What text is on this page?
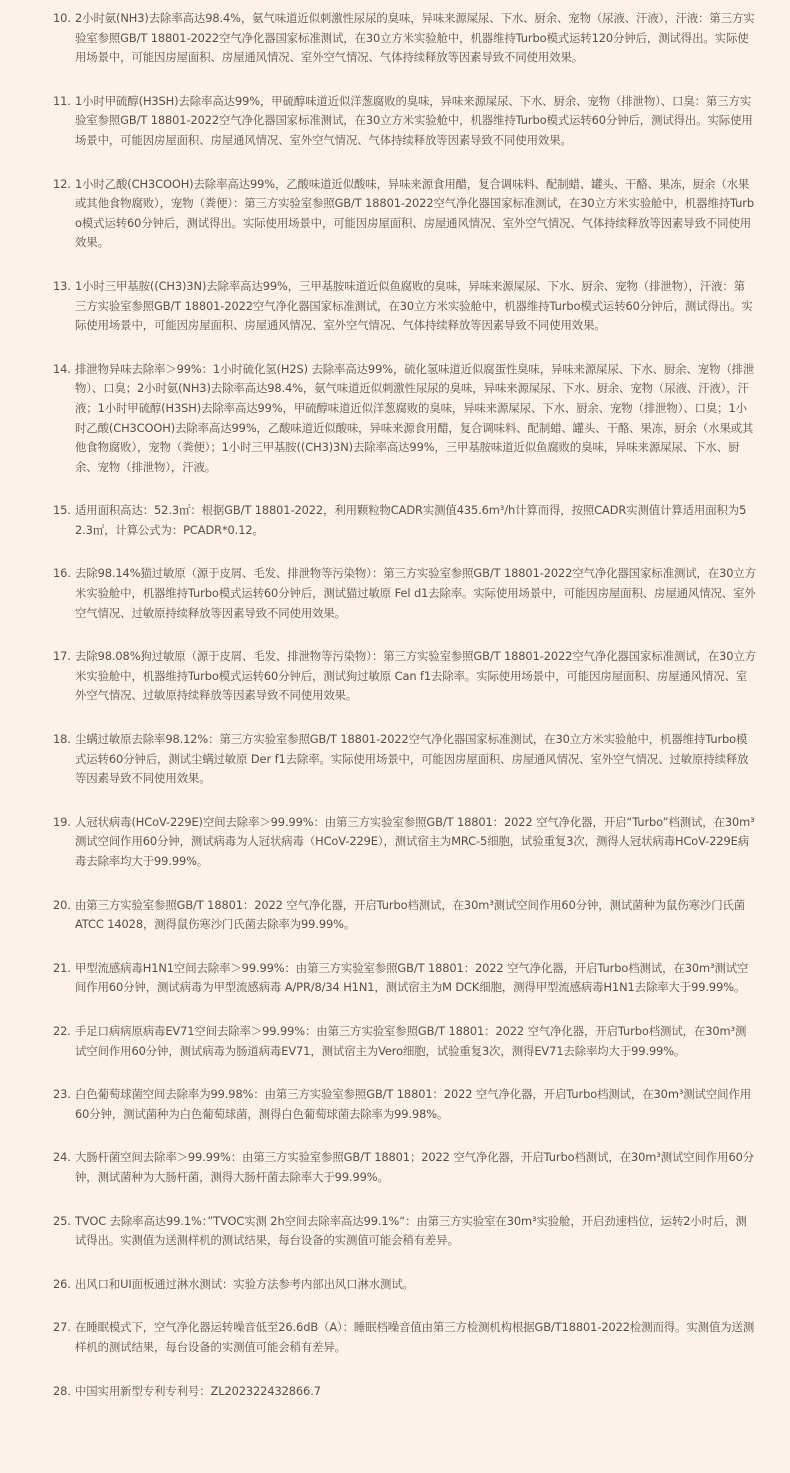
10. 2小时氨(NH3)去除率高达98.4%，氨气味道近似刺激性尿尿的臭味，异味来源屎尿、下水、厨余、宠物（尿液、汗液），汗液：第三方实验室参照GB/T 18801-2022空气净化器国家标准测试，在30立方米实验舱中，机器维持Turbo模式运转120分钟后，测试得出。实际使用场景中，可能因房屋面积、房屋通风情况、室外空气情况、气体持续释放等因素导致不同使用效果。
11. 1小时甲硫醇(H3SH)去除率高达99%，甲硫醇味道近似洋葱腐败的臭味，异味来源屎尿、下水、厨余、宠物（排泄物）、口臭：第三方实验室参照GB/T 18801-2022空气净化器国家标准测试，在30立方米实验舱中，机器维持Turbo模式运转60分钟后，测试得出。实际使用场景中，可能因房屋面积、房屋通风情况、室外空气情况、气体持续释放等因素导致不同使用效果。
12. 1小时乙酸(CH3COOH)去除率高达99%，乙酸味道近似酸味，异味来源食用醋，复合调味料、配制蜡、罐头、干酪、果冻，厨余（水果或其他食物腐败），宠物（粪便）：第三方实验室参照GB/T 18801-2022空气净化器国家标准测试，在30立方米实验舱中，机器维持Turbo模式运转60分钟后，测试得出。实际使用场景中，可能因房屋面积、房屋通风情况、室外空气情况、气体持续释放等因素导致不同使用效果。
13. 1小时三甲基胺((CH3)3N)去除率高达99%，三甲基胺味道近似鱼腐败的臭味，异味来源屎尿、下水、厨余、宠物（排泄物），汗液：第三方实验室参照GB/T 18801-2022空气净化器国家标准测试，在30立方米实验舱中，机器维持Turbo模式运转60分钟后，测试得出。实际使用场景中，可能因房屋面积、房屋通风情况、室外空气情况、气体持续释放等因素导致不同使用效果。
14. 排泄物异味去除率＞99%：1小时硫化氢(H2S) 去除率高达99%，硫化氢味道近似腐蛋性臭味，异味来源屎尿、下水、厨余、宠物（排泄物）、口臭；2小时氨(NH3)去除率高达98.4%，氨气味道近似刺激性尿尿的臭味，异味来源屎尿、下水、厨余、宠物（尿液、汗液），汗液；1小时甲硫醇(H3SH)去除率高达99%，甲硫醇味道近似洋葱腐败的臭味，异味来源屎尿、下水、厨余、宠物（排泄物）、口臭；1小时乙酸(CH3COOH)去除率高达99%，乙酸味道近似酸味，异味来源食用醋，复合调味料、配制蜡、罐头、干酪、果冻，厨余（水果或其他食物腐败），宠物（粪便）；1小时三甲基胺((CH3)3N)去除率高达99%，三甲基胺味道近似鱼腐败的臭味，异味来源屎尿、下水、厨余、宠物（排泄物），汗液。
15. 适用面积高达：52.3㎡：根据GB/T 18801-2022，利用颗粒物CADR实测值435.6m³/h计算而得，按照CADR实测值计算适用面积为52.3㎡，计算公式为：PCADR*0.12。
16. 去除98.14%猫过敏原（源于皮屑、毛发、排泄物等污染物）：第三方实验室参照GB/T 18801-2022空气净化器国家标准测试，在30立方米实验舱中，机器维持Turbo模式运转60分钟后，测试猫过敏原 Fel d1去除率。实际使用场景中，可能因房屋面积、房屋通风情况、室外空气情况、过敏原持续释放等因素导致不同使用效果。
17. 去除98.08%狗过敏原（源于皮屑、毛发、排泄物等污染物）：第三方实验室参照GB/T 18801-2022空气净化器国家标准测试，在30立方米实验舱中，机器维持Turbo模式运转60分钟后，测试狗过敏原 Can f1去除率。实际使用场景中，可能因房屋面积、房屋通风情况、室外空气情况、过敏原持续释放等因素导致不同使用效果。
18. 尘螨过敏原去除率98.12%：第三方实验室参照GB/T 18801-2022空气净化器国家标准测试，在30立方米实验舱中，机器维持Turbo模式运转60分钟后，测试尘螨过敏原 Der f1去除率。实际使用场景中，可能因房屋面积、房屋通风情况、室外空气情况、过敏原持续释放等因素导致不同使用效果。
19. 人冠状病毒(HCoV-229E)空间去除率＞99.99%：由第三方实验室参照GB/T 18801：2022 空气净化器，开启“Turbo”档测试，在30m³测试空间作用60分钟，测试病毒为人冠状病毒（HCoV-229E），测试宿主为MRC-5细胞，试验重复3次，测得人冠状病毒HCoV-229E病毒去除率均大于99.99%。
20. 由第三方实验室参照GB/T 18801：2022 空气净化器，开启Turbo档测试，在30m³测试空间作用60分钟，测试菌种为鼠伤寒沙门氏菌 ATCC 14028，测得鼠伤寒沙门氏菌去除率为99.99%。
21. 甲型流感病毒H1N1空间去除率＞99.99%：由第三方实验室参照GB/T 18801：2022 空气净化器，开启Turbo档测试，在30m³测试空间作用60分钟，测试病毒为甲型流感病毒 A/PR/8/34 H1N1，测试宿主为M DCK细胞，测得甲型流感病毒H1N1去除率大于99.99%。
22. 手足口病病原病毒EV71空间去除率＞99.99%：由第三方实验室参照GB/T 18801：2022 空气净化器，开启Turbo档测试，在30m³测试空间作用60分钟，测试病毒为肠道病毒EV71，测试宿主为Vero细胞，试验重复3次，测得EV71去除率均大于99.99%。
23. 白色葡萄球菌空间去除率为99.98%：由第三方实验室参照GB/T 18801：2022 空气净化器，开启Turbo档测试，在30m³测试空间作用60分钟，测试菌种为白色葡萄球菌，测得白色葡萄球菌去除率为99.98%。
24. 大肠杆菌空间去除率＞99.99%：由第三方实验室参照GB/T 18801；2022 空气净化器，开启Turbo档测试，在30m³测试空间作用60分钟，测试菌种为大肠杆菌，测得大肠杆菌去除率大于99.99%。
25. TVOC 去除率高达99.1%：”TVOC实测 2h空间去除率高达99.1%“：由第三方实验室在30m³实验舱，开启劲速档位，运转2小时后，测试得出。实测值为送测样机的测试结果，每台设备的实测值可能会稍有差异。
26. 出风口和UI面板通过淋水测试：实验方法参考内部出风口淋水测试。
27. 在睡眠模式下，空气净化器运转噪音低至26.6dB（A）：睡眠档噪音值由第三方检测机构根据GB/T18801-2022检测而得。实测值为送测样机的测试结果，每台设备的实测值可能会稍有差异。
28. 中国实用新型专利专利号：ZL202322432866.7
